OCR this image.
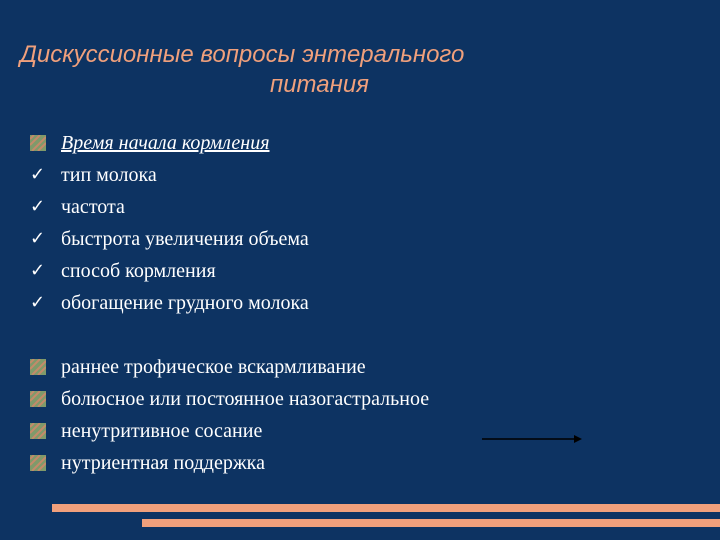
Дискуссионные вопросы энтерального
питания
Время начала кормления
✓ тип молока
✓ частота
✓ быстрота увеличения объема
✓ способ кормления
✓ обогащение грудного молока
раннее трофическое вскармливание
болюсное или постоянное назогастральное
ненутритивное сосание
нутриентная поддержка
